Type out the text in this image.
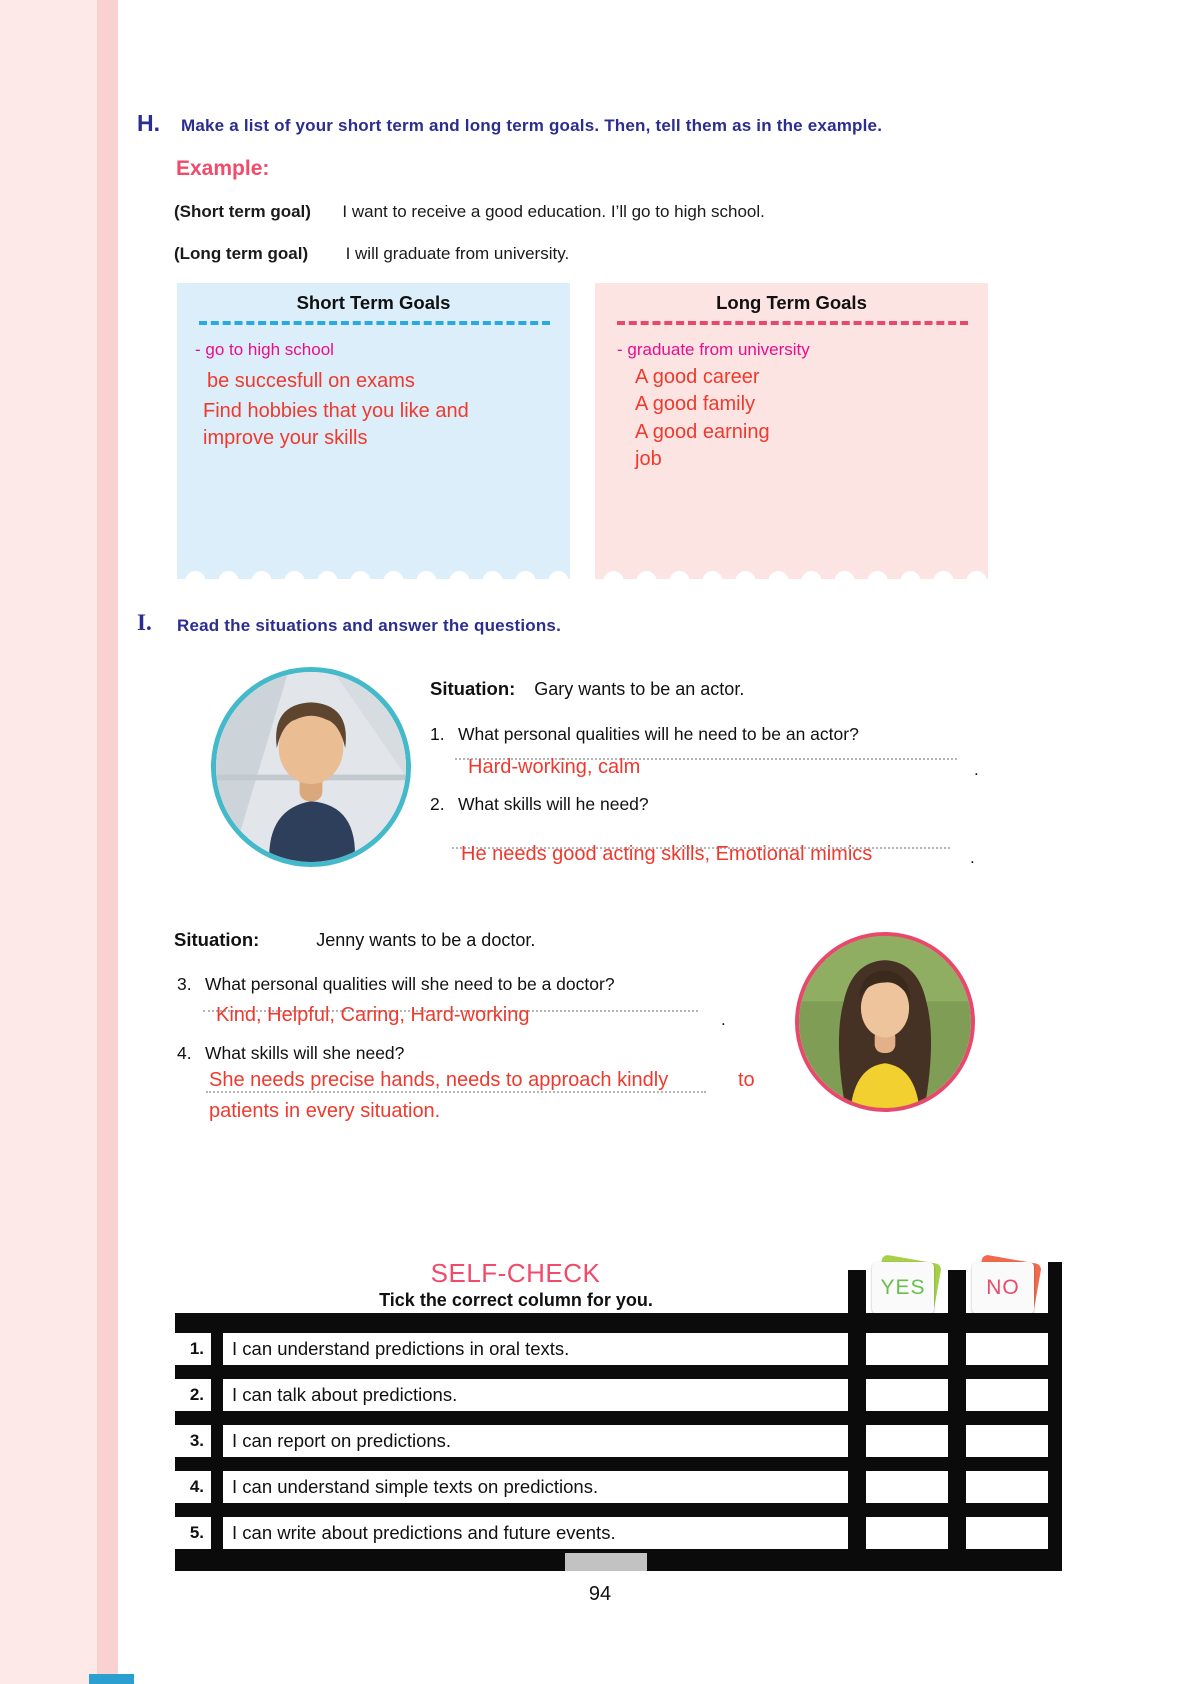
H. Make a list of your short term and long term goals. Then, tell them as in the example.
Example:
(Short term goal) I want to receive a good education. I’ll go to high school.
(Long term goal) I will graduate from university.
Short Term Goals
- go to high school
be succesfull on exams
Find hobbies that you like and
improve your skills
Long Term Goals
- graduate from university
A good career
A good family
A good earning
job
I. Read the situations and answer the questions.
Situation: Gary wants to be an actor.
1. What personal qualities will he need to be an actor?
Hard-working, calm	.
2. What skills will he need?
He needs good acting skills, Emotional mimics	.
Situation:	Jenny wants to be a doctor.
3. What personal qualities will she need to be a doctor?
Kind, Helpful, Caring, Hard-working	.
4. What skills will she need?
She needs precise hands, needs to approach kindly	to
patients in every situation.
SELF-CHECK
Tick the correct column for you.
YES	NO
1. I can understand predictions in oral texts.
2. I can talk about predictions.
3. I can report on predictions.
4. I can understand simple texts on predictions.
5. I can write about predictions and future events.
94
